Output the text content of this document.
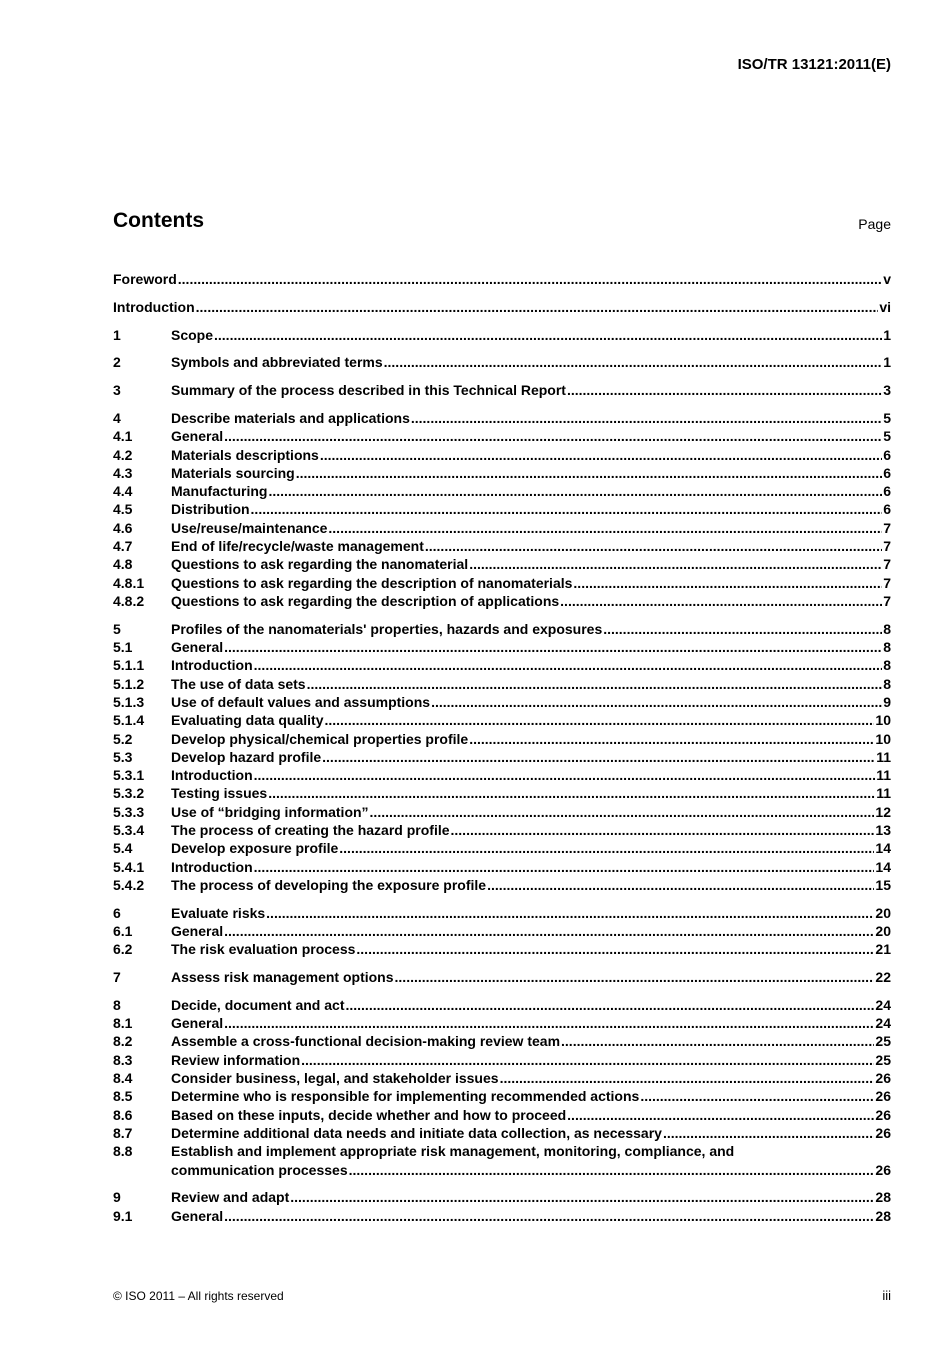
ISO/TR 13121:2011(E)
Contents	Page
Foreword .....	v
Introduction .....	vi
1	Scope .....	1
2	Symbols and abbreviated terms .....	1
3	Summary of the process described in this Technical Report .....	3
4	Describe materials and applications .....	5
4.1	General .....	5
4.2	Materials descriptions .....	6
4.3	Materials sourcing .....	6
4.4	Manufacturing .....	6
4.5	Distribution .....	6
4.6	Use/reuse/maintenance .....	7
4.7	End of life/recycle/waste management .....	7
4.8	Questions to ask regarding the nanomaterial .....	7
4.8.1	Questions to ask regarding the description of nanomaterials .....	7
4.8.2	Questions to ask regarding the description of applications .....	7
5	Profiles of the nanomaterials' properties, hazards and exposures .....	8
5.1	General .....	8
5.1.1	Introduction .....	8
5.1.2	The use of data sets .....	8
5.1.3	Use of default values and assumptions .....	9
5.1.4	Evaluating data quality .....	10
5.2	Develop physical/chemical properties profile .....	10
5.3	Develop hazard profile .....	11
5.3.1	Introduction .....	11
5.3.2	Testing issues .....	11
5.3.3	Use of “bridging information” .....	12
5.3.4	The process of creating the hazard profile .....	13
5.4	Develop exposure profile .....	14
5.4.1	Introduction .....	14
5.4.2	The process of developing the exposure profile .....	15
6	Evaluate risks .....	20
6.1	General .....	20
6.2	The risk evaluation process .....	21
7	Assess risk management options .....	22
8	Decide, document and act .....	24
8.1	General .....	24
8.2	Assemble a cross-functional decision-making review team .....	25
8.3	Review information .....	25
8.4	Consider business, legal, and stakeholder issues .....	26
8.5	Determine who is responsible for implementing recommended actions .....	26
8.6	Based on these inputs, decide whether and how to proceed .....	26
8.7	Determine additional data needs and initiate data collection, as necessary .....	26
8.8	Establish and implement appropriate risk management, monitoring, compliance, and
communication processes .....	26
9	Review and adapt .....	28
9.1	General .....	28
© ISO 2011 – All rights reserved	iii
